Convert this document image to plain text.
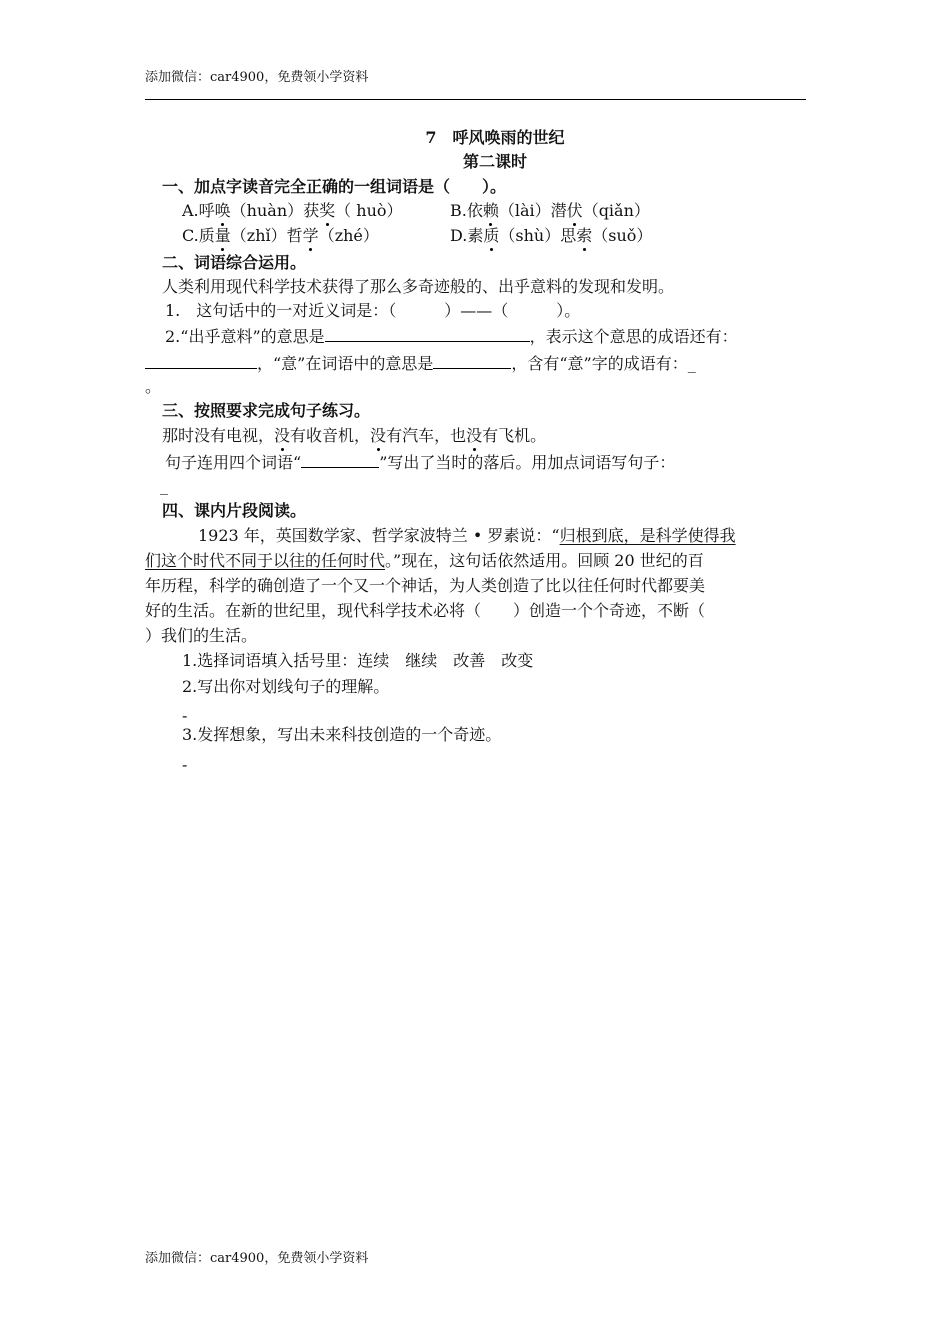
添加微信：car4900，免费领小学资料
7　呼风唤雨的世纪
第二课时
一、加点字读音完全正确的一组词语是（　　）。
A.呼唤（huàn）获奖（ huò）	B.依赖（lài）潜伏（qiǎn）
C.质量（zhǐ）哲学（zhé）	D.素质（shù）思索（suǒ）
二、词语综合运用。
人类利用现代科学技术获得了那么多奇迹般的、出乎意料的发现和发明。
1.　这句话中的一对近义词是：（　　　）——（　　　）。
2.“出乎意料”的意思是	，表示这个意思的成语还有：
，“意”在词语中的意思是	，含有“意”字的成语有：_
。
三、按照要求完成句子练习。
那时没有电视，没有收音机，没有汽车，也没有飞机。
句子连用四个词语“	”写出了当时的落后。用加点词语写句子：
_
四、课内片段阅读。
1923 年，英国数学家、哲学家波特兰 • 罗素说：“归根到底，是科学使得我
们这个时代不同于以往的任何时代。”现在，这句话依然适用。回顾 20 世纪的百
年历程，科学的确创造了一个又一个神话，为人类创造了比以往任何时代都要美
好的生活。在新的世纪里，现代科学技术必将（　　）创造一个个奇迹，不断（
）我们的生活。
1.选择词语填入括号里：连续　继续　改善　改变
2.写出你对划线句子的理解。
-
3.发挥想象，写出未来科技创造的一个奇迹。
-
添加微信：car4900，免费领小学资料
